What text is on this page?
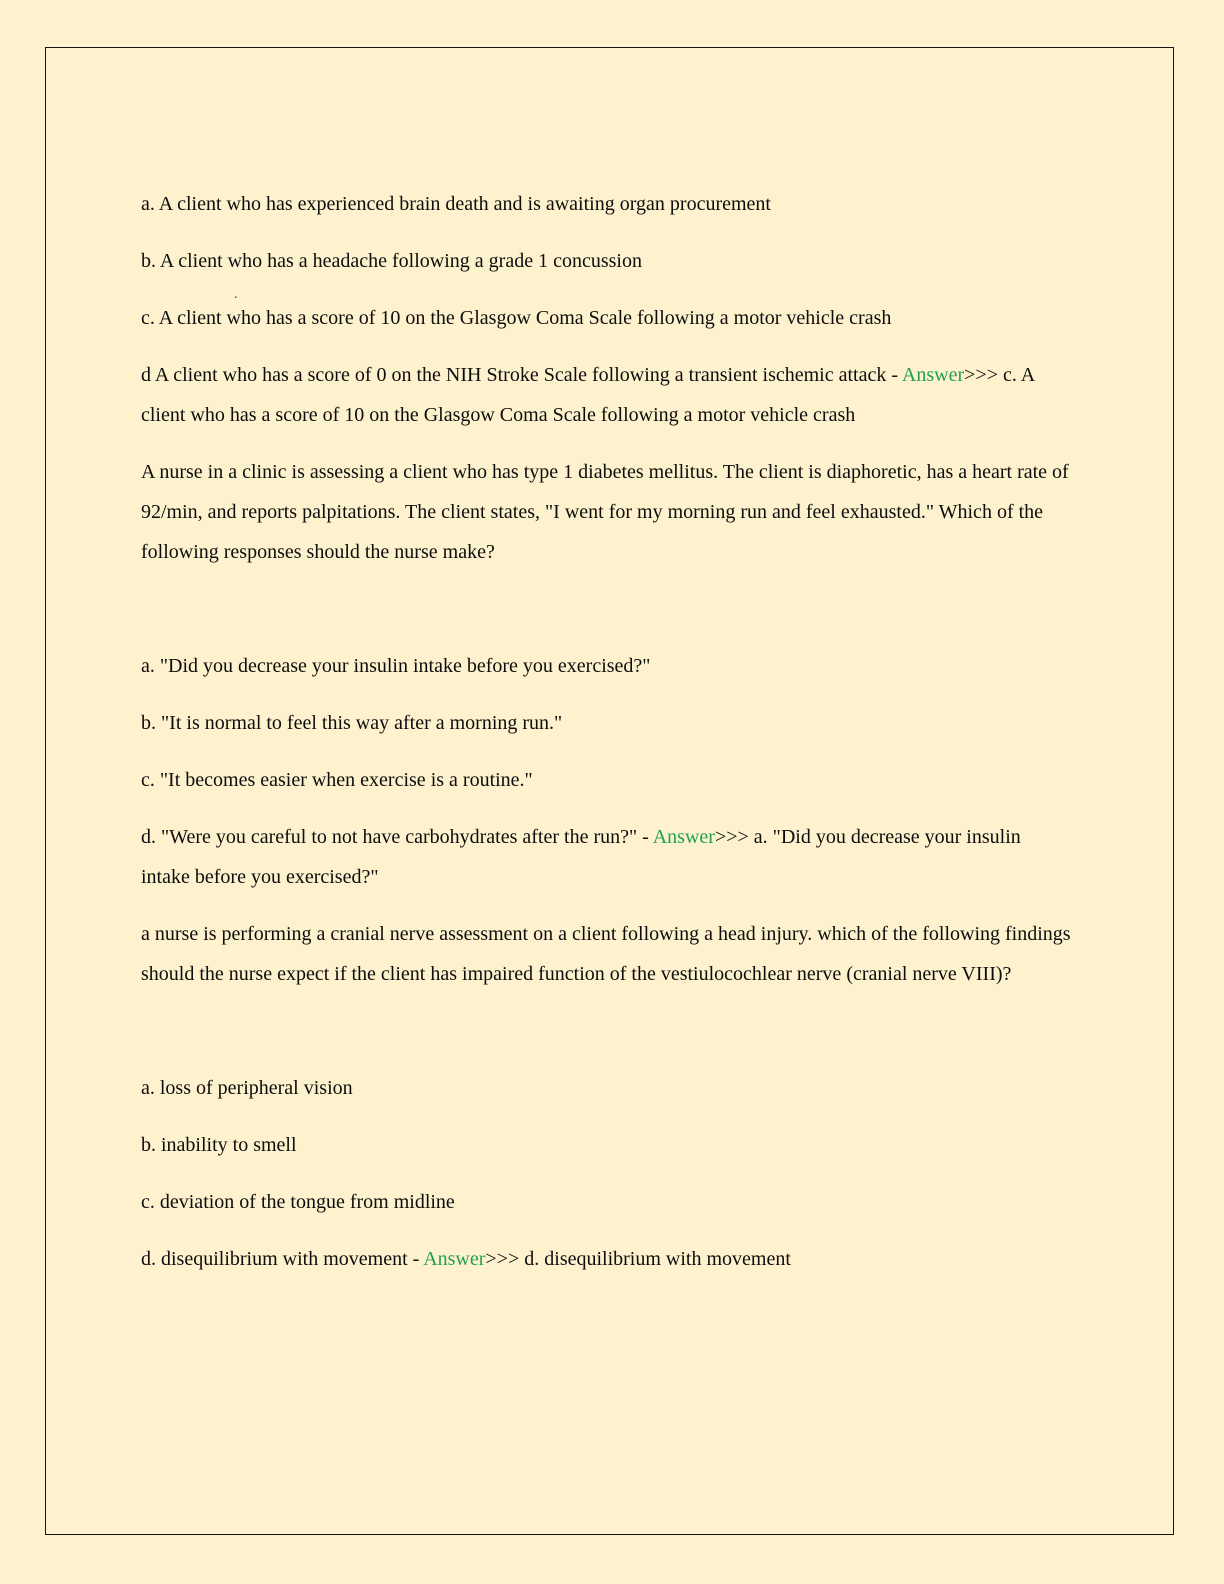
.

a. A client who has experienced brain death and is awaiting organ procurement

b. A client who has a headache following a grade 1 concussion

c. A client who has a score of 10 on the Glasgow Coma Scale following a motor vehicle crash

d A client who has a score of 0 on the NIH Stroke Scale following a transient ischemic attack - Answer>>> c. A client who has a score of 10 on the Glasgow Coma Scale following a motor vehicle crash

A nurse in a clinic is assessing a client who has type 1 diabetes mellitus. The client is diaphoretic, has a heart rate of 92/min, and reports palpitations. The client states, "I went for my morning run and feel exhausted." Which of the following responses should the nurse make?

a. "Did you decrease your insulin intake before you exercised?"

b. "It is normal to feel this way after a morning run."

c. "It becomes easier when exercise is a routine."

d. "Were you careful to not have carbohydrates after the run?" - Answer>>> a. "Did you decrease your insulin intake before you exercised?"

a nurse is performing a cranial nerve assessment on a client following a head injury. which of the following findings should the nurse expect if the client has impaired function of the vestiulocochlear nerve (cranial nerve VIII)?

a. loss of peripheral vision

b. inability to smell

c. deviation of the tongue from midline

d. disequilibrium with movement - Answer>>> d. disequilibrium with movement
